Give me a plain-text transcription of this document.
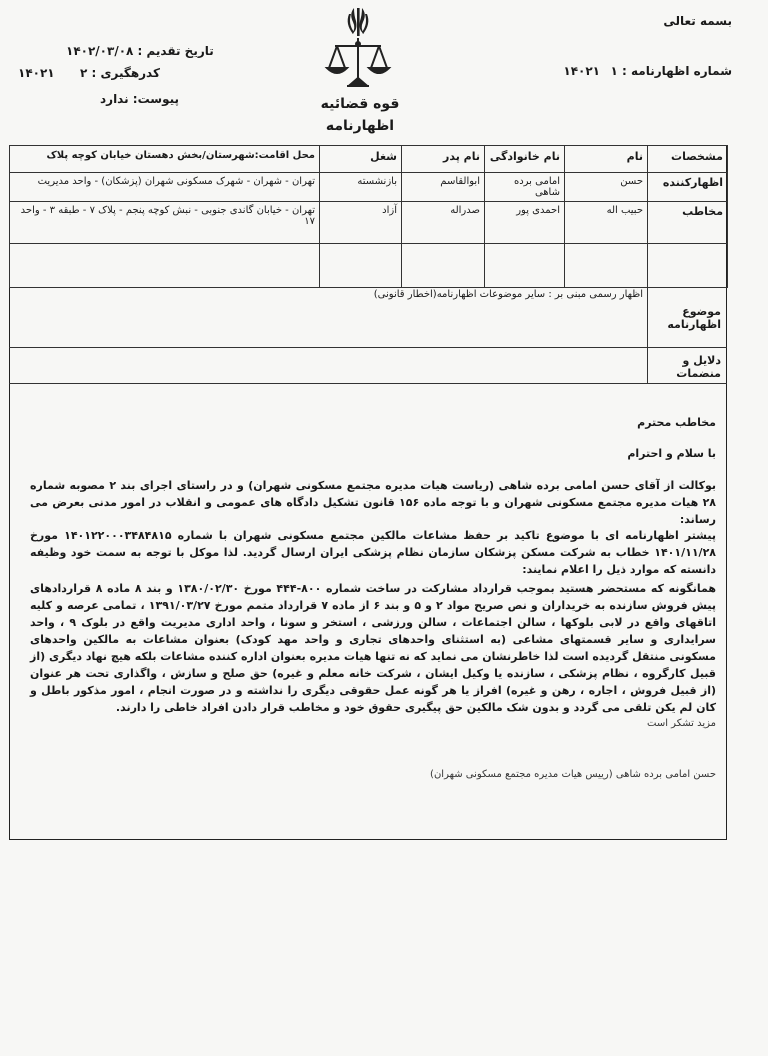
بسمه تعالی
شماره اظهارنامه : ۱
۱۴۰۲۱
تاریخ تقدیم : ۱۴۰۲/۰۳/۰۸
کدرهگیری : ۲
۱۴۰۲۱
پیوست: ندارد	قوه قضائیه
اظهارنامه
مشخصات	نام	نام خانوادگی	نام پدر	شغل	محل اقامت:شهرستان/بخش دهستان خیابان کوچه پلاک
اظهارکننده	حسن	امامی برده شاهی	ابوالقاسم	بازنشسته	تهران - شهران - شهرک مسکونی شهران (پزشکان) - واحد مدیریت
مخاطب	حبیب اله	احمدی پور	صدراله	آزاد	تهران - خیابان گاندی جنوبی - نبش کوچه پنجم - پلاک ۷ - طبقه ۳ - واحد ۱۷

موضوع اظهارنامه
اظهار رسمی مبنی بر : سایر موضوعات اظهارنامه(اخطار قانونی)
دلایل و منضمات
مخاطب محترم
با سلام و احترام
بوکالت از آقای حسن امامی برده شاهی (ریاست هیات مدیره مجتمع مسکونی شهران) و در راستای اجرای بند ۲ مصوبه شماره ۲۸ هیات مدیره مجتمع مسکونی شهران و با توجه ماده ۱۵۶ قانون تشکیل دادگاه های عمومی و انقلاب در امور مدنی بعرض می رساند:
پیشتر اظهارنامه ای با موضوع تاکید بر حفظ مشاعات مالکین مجتمع مسکونی شهران با شماره ۱۴۰۱۲۲۰۰۰۳۴۸۴۸۱۵ مورخ ۱۴۰۱/۱۱/۲۸ خطاب به شرکت مسکن پزشکان سازمان نظام پزشکی ایران ارسال گردید. لذا موکل با توجه به سمت خود وظیفه دانسته که موارد ذیل را اعلام نمایند:
همانگونه که مستحضر هستید بموجب قرارداد مشارکت در ساخت شماره ۸۰۰-۴۴۴ مورخ ۱۳۸۰/۰۲/۳۰ و بند ۸ ماده ۸ قراردادهای پیش فروش سازنده به خریداران و نص صریح مواد ۲ و ۵ و بند ۶ از ماده ۷ قرارداد متمم مورخ ۱۳۹۱/۰۳/۲۷ ، تمامی عرصه و کلیه اتاقهای واقع در لابی بلوکها ، سالن اجتماعات ، سالن ورزشی ، استخر و سونا ، واحد اداری مدیریت واقع در بلوک ۹ ، واحد سرایداری و سایر قسمتهای مشاعی (به استثنای واحدهای تجاری و واحد مهد کودک) بعنوان مشاعات به مالکین واحدهای مسکونی منتقل گردیده است لذا خاطرنشان می نماید که نه تنها هیات مدیره بعنوان اداره کننده مشاعات بلکه هیچ نهاد دیگری (از قبیل کارگروه ، نظام پزشکی ، سازنده یا وکیل ایشان ، شرکت خانه معلم و غیره) حق صلح و سازش ، واگذاری تحت هر عنوان (از قبیل فروش ، اجاره ، رهن و غیره) افراز یا هر گونه عمل حقوقی دیگری را نداشته و در صورت انجام ، امور مذکور باطل و کان لم یکن تلقی می گردد و بدون شک مالکین حق پیگیری حقوق خود و مخاطب قرار دادن افراد خاطی را دارند.
مزید تشکر است
حسن امامی برده شاهی (رییس هیات مدیره مجتمع مسکونی شهران)
